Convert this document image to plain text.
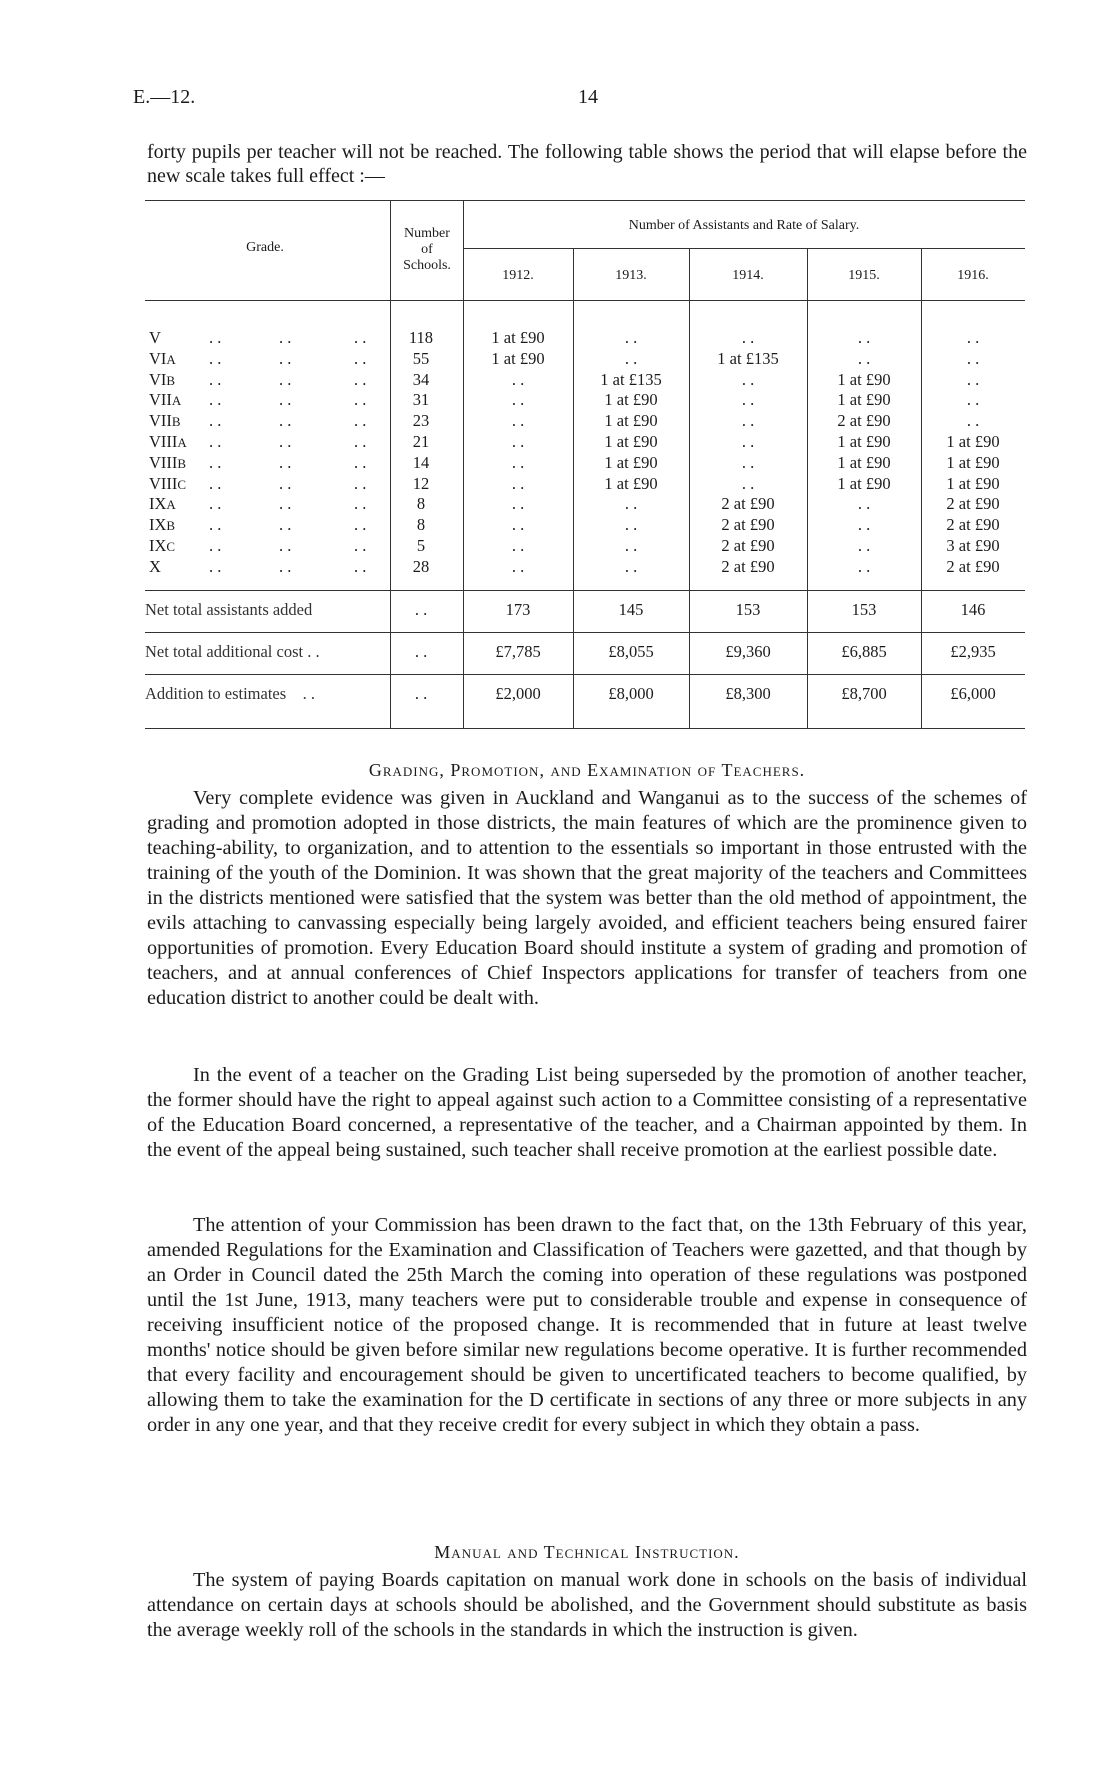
E.—12.	14
forty pupils per teacher will not be reached. The following table shows the period that will elapse before the new scale takes full effect :—
Grade.
Number
of
Schools.
Number of Assistants and Rate of Salary.
1912.	1913.	1914.	1915.	1916.
V	. .	. .	. .	118	1 at £90	. .	. .	. .	. .
VIA . .	. .	. .	55	1 at £90	. .	1 at £135	. .	. .
VIB . .	. .	. .	34	. .	1 at £135	. .	1 at £90	. .
VIIA . .	. .	. .	31	. .	1 at £90	. .	1 at £90	. .
VIIB . .	. .	. .	23	. .	1 at £90	. .	2 at £90	. .
VIIIA . .	. .	. .	21	. .	1 at £90	. .	1 at £90	1 at £90
VIIIB . .	. .	. .	14	. .	1 at £90	. .	1 at £90	1 at £90
VIIIC . .	. .	. .	12	. .	1 at £90	. .	1 at £90	1 at £90
IXA . .	. .	. .	8	. .	. .	2 at £90	. .	2 at £90
IXB . .	. .	. .	8	. .	. .	2 at £90	. .	2 at £90
IXC . .	. .	. .	5	. .	. .	2 at £90	. .	3 at £90
X	. .	. .	. .	28	. .	. .	2 at £90	. .	2 at £90
Net total assistants added	. .	173	145	153	153	146
Net total additional cost . .	. .	£7,785	£8,055	£9,360	£6,885	£2,935
Addition to estimates    . .	. .	£2,000	£8,000	£8,300	£8,700	£6,000
Grading, Promotion, and Examination of Teachers.

Very complete evidence was given in Auckland and Wanganui as to the success of the schemes of grading and promotion adopted in those districts, the main features of which are the prominence given to teaching-ability, to organization, and to attention to the essentials so important in those entrusted with the training of the youth of the Dominion. It was shown that the great majority of the teachers and Committees in the districts mentioned were satisfied that the system was better than the old method of appointment, the evils attaching to canvassing especially being largely avoided, and efficient teachers being ensured fairer opportunities of promotion. Every Education Board should institute a system of grading and promotion of teachers, and at annual conferences of Chief Inspectors applications for transfer of teachers from one education district to another could be dealt with.

In the event of a teacher on the Grading List being superseded by the promotion of another teacher, the former should have the right to appeal against such action to a Committee consisting of a representative of the Education Board concerned, a representative of the teacher, and a Chairman appointed by them. In the event of the appeal being sustained, such teacher shall receive promotion at the earliest possible date.

The attention of your Commission has been drawn to the fact that, on the 13th February of this year, amended Regulations for the Examination and Classification of Teachers were gazetted, and that though by an Order in Council dated the 25th March the coming into operation of these regulations was postponed until the 1st June, 1913, many teachers were put to considerable trouble and expense in consequence of receiving insufficient notice of the proposed change. It is recommended that in future at least twelve months' notice should be given before similar new regulations become operative. It is further recommended that every facility and encouragement should be given to uncertificated teachers to become qualified, by allowing them to take the examination for the D certificate in sections of any three or more subjects in any order in any one year, and that they receive credit for every subject in which they obtain a pass.

Manual and Technical Instruction.

The system of paying Boards capitation on manual work done in schools on the basis of individual attendance on certain days at schools should be abolished, and the Government should substitute as basis the average weekly roll of the schools in the standards in which the instruction is given.
